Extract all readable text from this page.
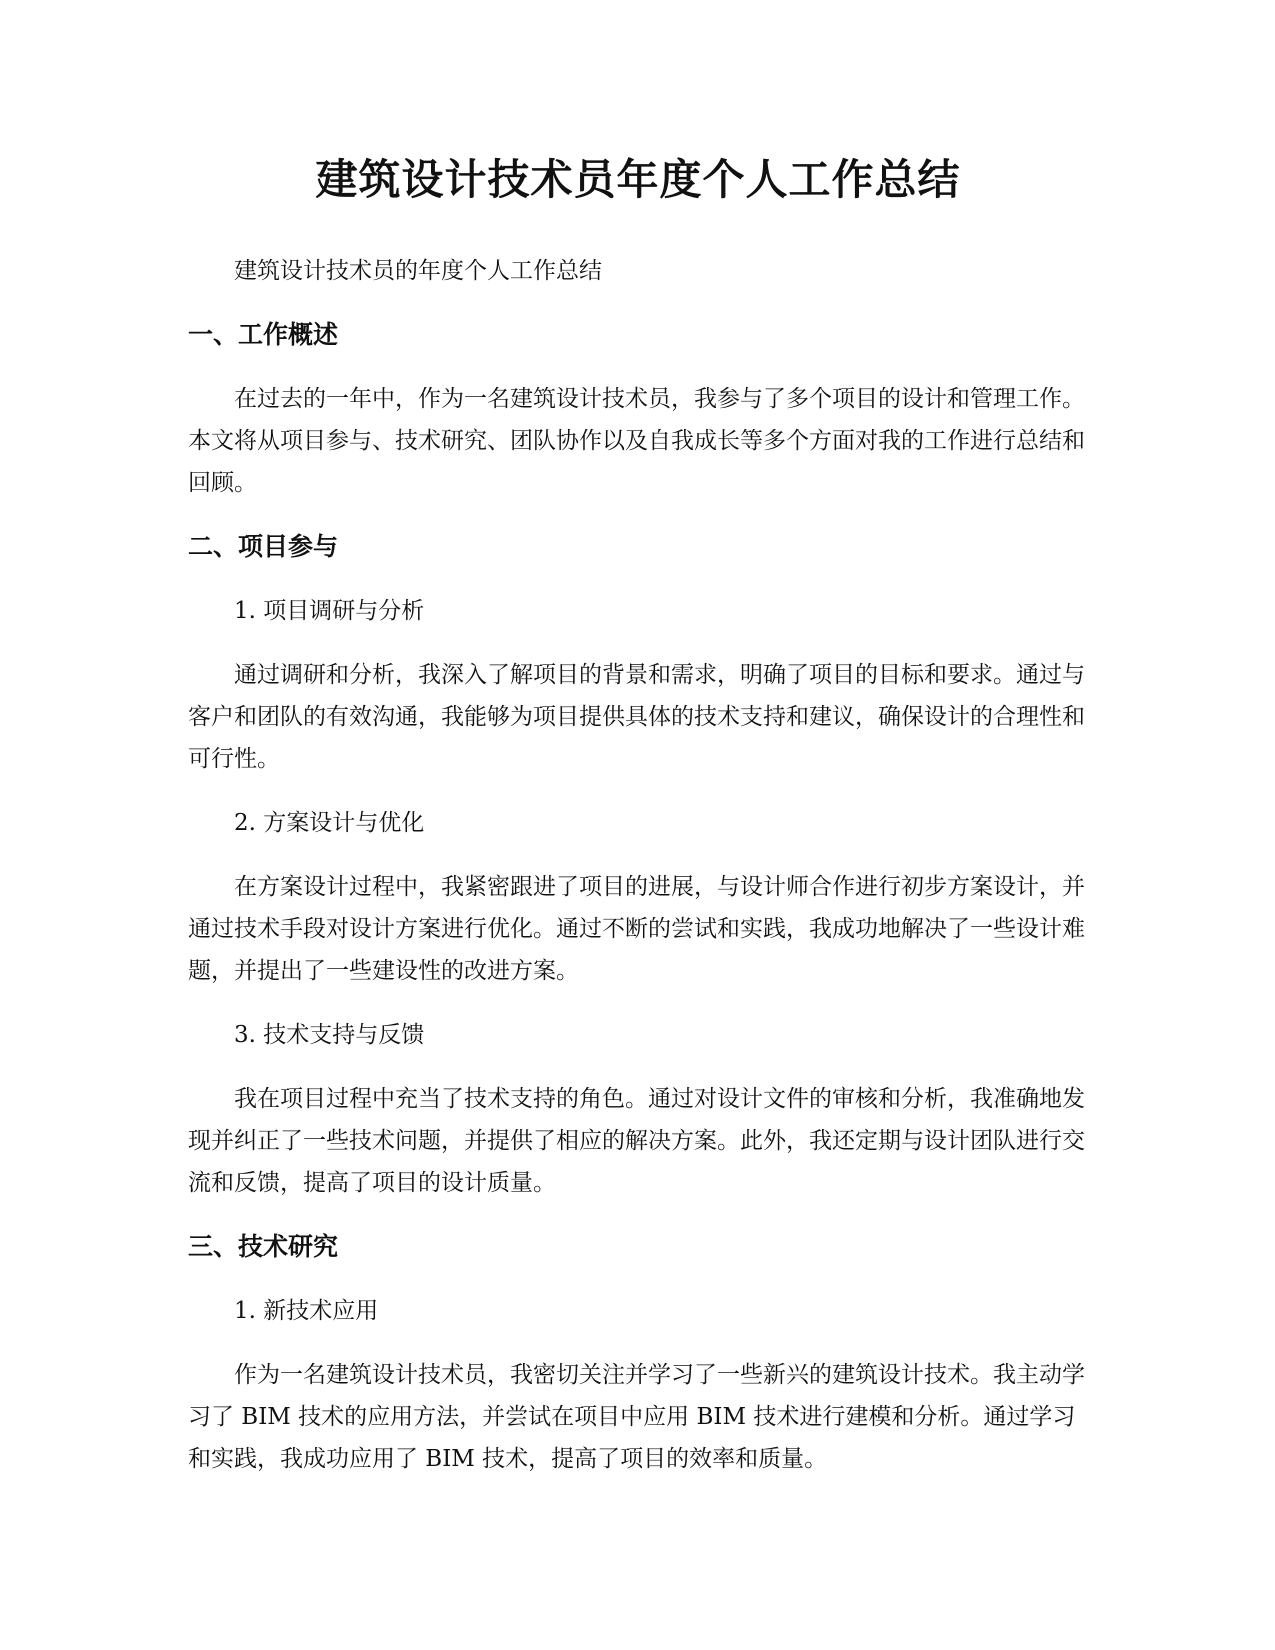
建筑设计技术员年度个人工作总结

建筑设计技术员的年度个人工作总结

一、工作概述

在过去的一年中，作为一名建筑设计技术员，我参与了多个项目的设计和管理工作。本文将从项目参与、技术研究、团队协作以及自我成长等多个方面对我的工作进行总结和回顾。

二、项目参与

1. 项目调研与分析

通过调研和分析，我深入了解项目的背景和需求，明确了项目的目标和要求。通过与客户和团队的有效沟通，我能够为项目提供具体的技术支持和建议，确保设计的合理性和可行性。

2. 方案设计与优化

在方案设计过程中，我紧密跟进了项目的进展，与设计师合作进行初步方案设计，并通过技术手段对设计方案进行优化。通过不断的尝试和实践，我成功地解决了一些设计难题，并提出了一些建设性的改进方案。

3. 技术支持与反馈

我在项目过程中充当了技术支持的角色。通过对设计文件的审核和分析，我准确地发现并纠正了一些技术问题，并提供了相应的解决方案。此外，我还定期与设计团队进行交流和反馈，提高了项目的设计质量。

三、技术研究

1. 新技术应用

作为一名建筑设计技术员，我密切关注并学习了一些新兴的建筑设计技术。我主动学习了 BIM 技术的应用方法，并尝试在项目中应用 BIM 技术进行建模和分析。通过学习和实践，我成功应用了 BIM 技术，提高了项目的效率和质量。
